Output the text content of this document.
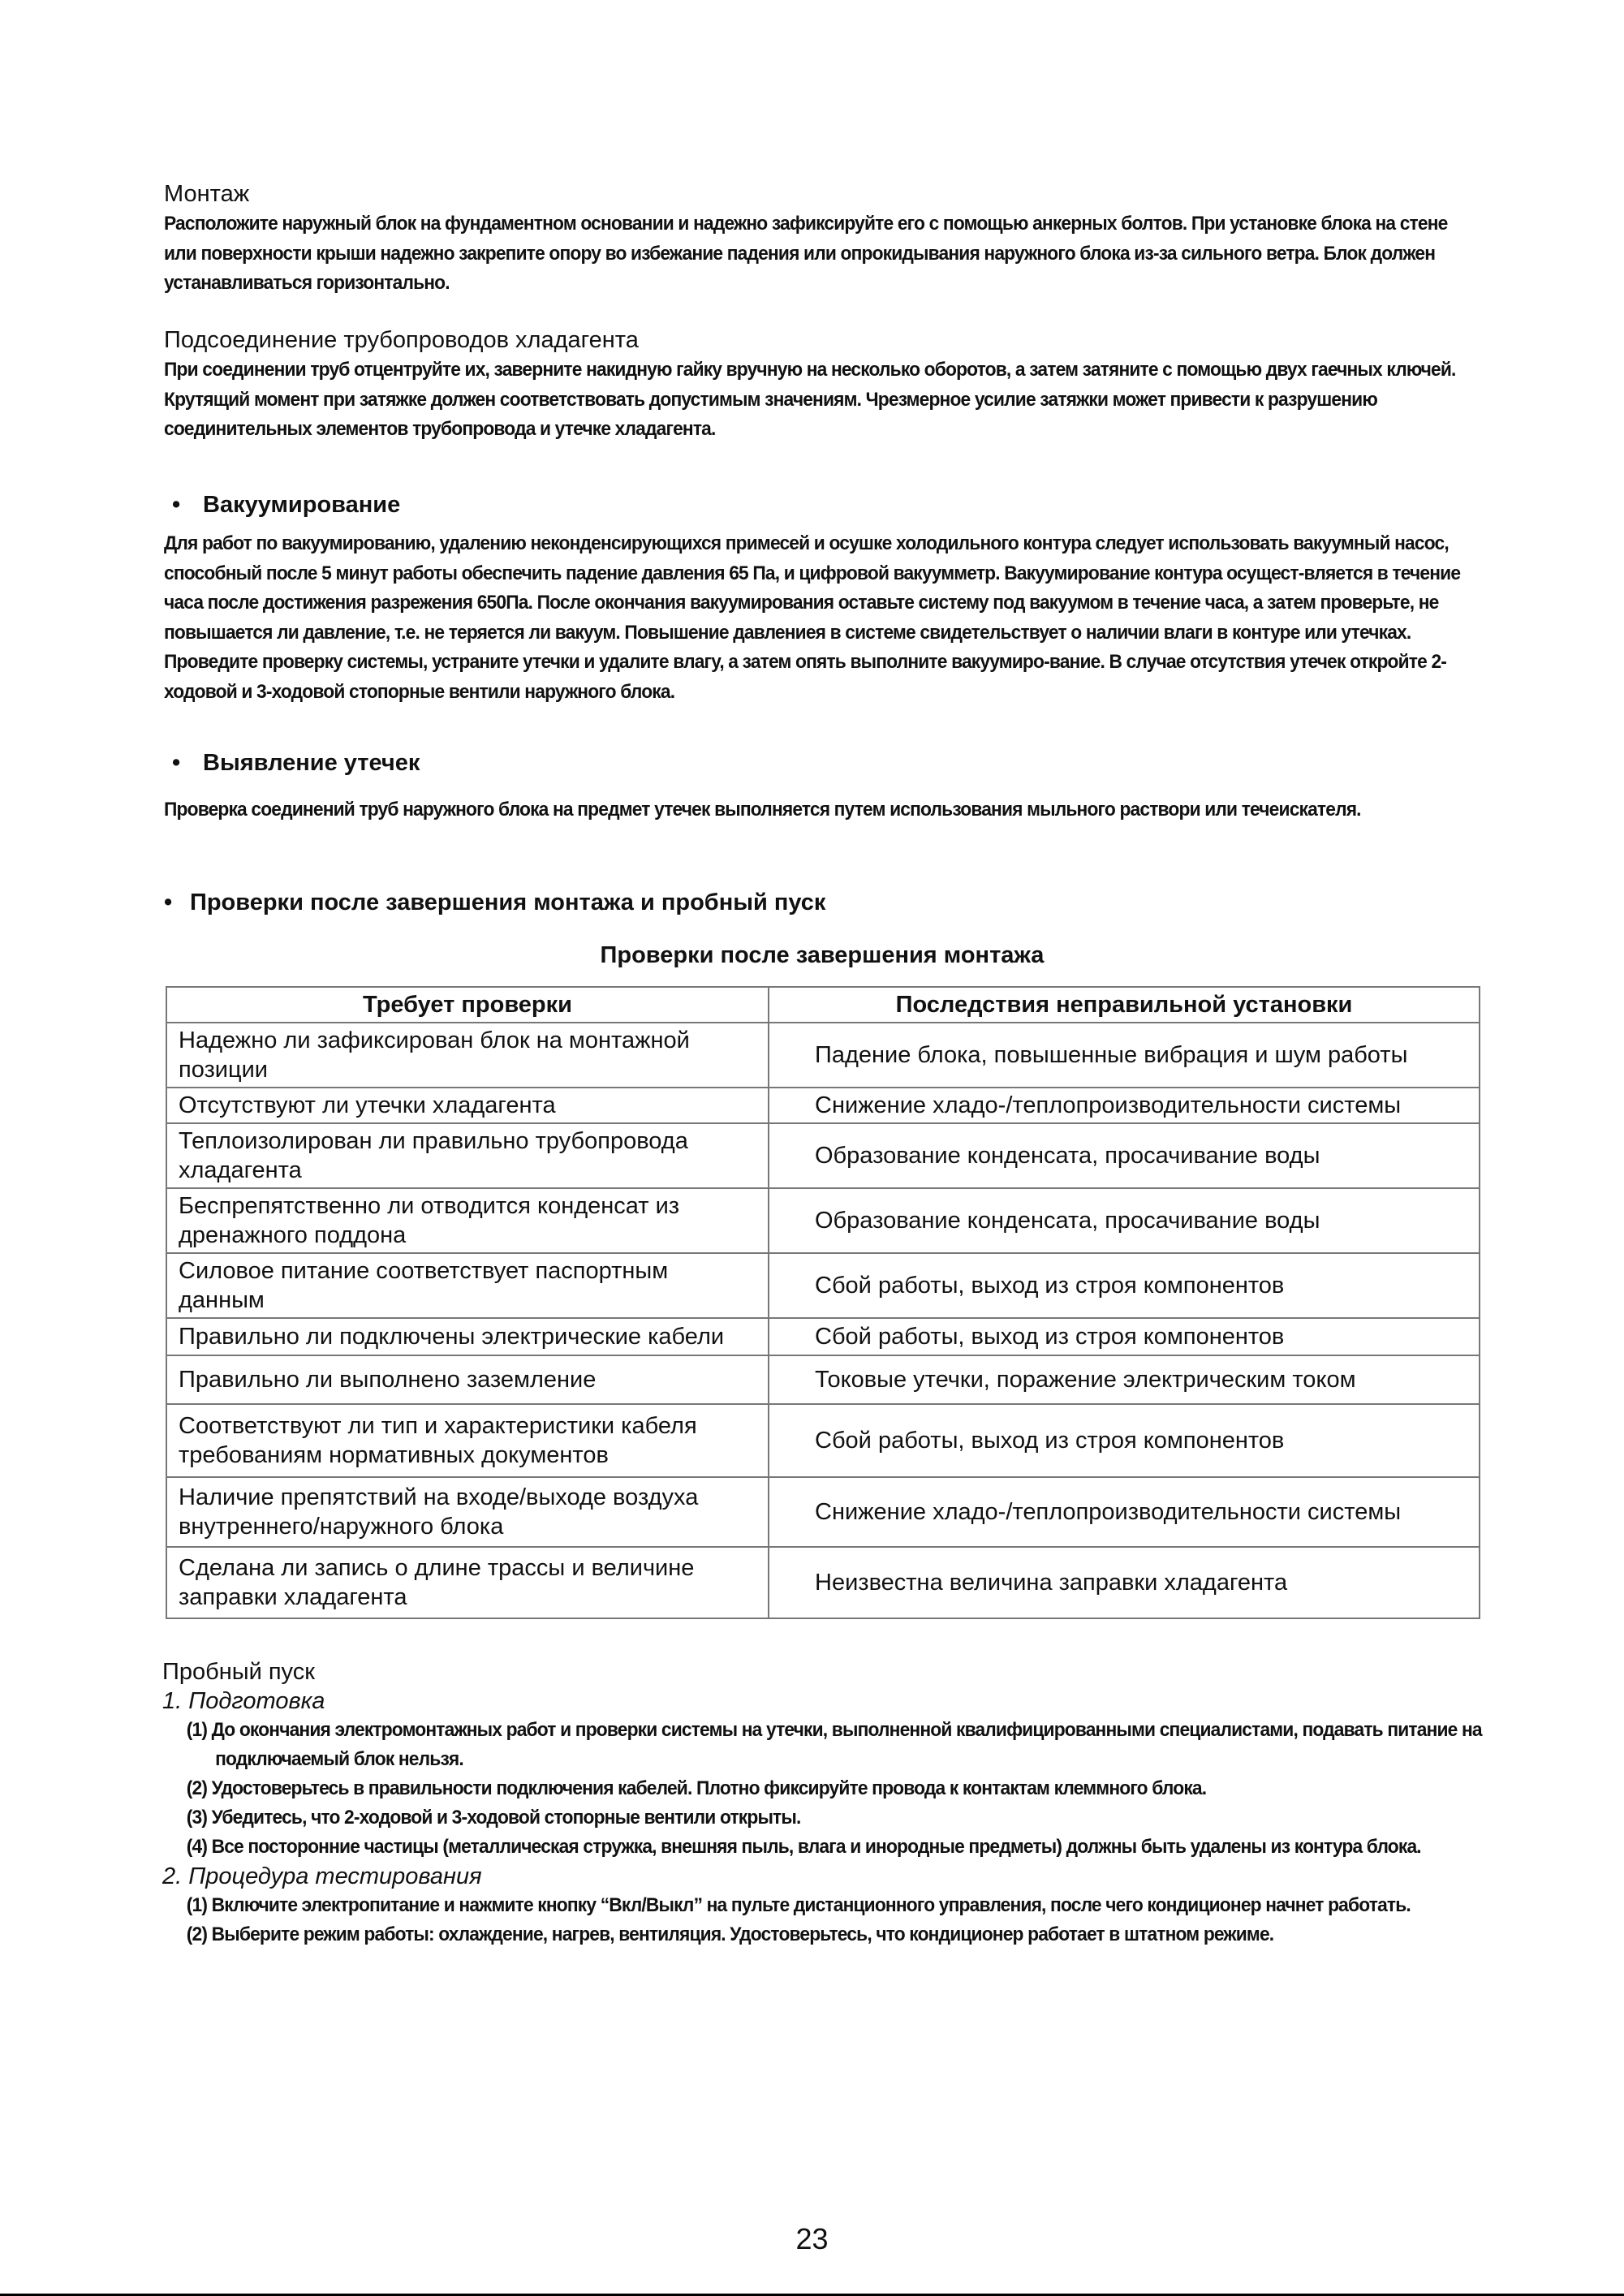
Монтаж

Расположите наружный блок на фундаментном основании и надежно зафиксируйте его с помощью анкерных болтов. При установке блока на стене или поверхности крыши надежно закрепите опору во избежание падения или опрокидывания наружного блока из-за сильного ветра. Блок должен устанавливаться горизонтально.

Подсоединение трубопроводов хладагента

При соединении труб отцентруйте их, заверните накидную гайку вручную на несколько оборотов, а затем затяните с помощью двух гаечных ключей. Крутящий момент при затяжке должен соответствовать допустимым значениям. Чрезмерное усилие затяжки может привести к разрушению соединительных элементов трубопровода и утечке хладагента.

• Вакуумирование

Для работ по вакуумированию, удалению неконденсирующихся примесей и осушке холодильного контура следует использовать вакуумный насос, способный после 5 минут работы обеспечить падение давления 65 Па, и цифровой вакуумметр. Вакуумирование контура осущест-вляется в течение часа после достижения разрежения 650Па. После окончания вакуумирования оставьте систему под вакуумом в течение часа, а затем проверьте, не повышается ли давление, т.е. не теряется ли вакуум. Повышение давлениея в системе свидетельствует о наличии влаги в контуре или утечках. Проведите проверку системы, устраните утечки и удалите влагу, а затем опять выполните вакуумиро-вание. В случае отсутствия утечек откройте 2-ходовой и 3-ходовой стопорные вентили наружного блока.

• Выявление утечек

Проверка соединений труб наружного блока на предмет утечек выполняется путем использования мыльного раствори или течеискателя.

• Проверки после завершения монтажа и пробный пуск
Проверки после завершения монтажа
Требует проверки	Последствия неправильной установки
Надежно ли зафиксирован блок на монтажной позиции	Падение блока, повышенные вибрация и шум работы
Отсутствуют ли утечки хладагента	Снижение хладо-/теплопроизводительности системы
Теплоизолирован ли правильно трубопровода хладагента	Образование конденсата, просачивание воды
Беспрепятственно ли отводится конденсат из дренажного поддона	Образование конденсата, просачивание воды
Силовое питание соответствует паспортным данным	Сбой работы, выход из строя компонентов
Правильно ли подключены электрические кабели	Сбой работы, выход из строя компонентов
Правильно ли выполнено заземление	Токовые утечки, поражение электрическим током
Соответствуют ли тип и характеристики кабеля требованиям нормативных документов	Сбой работы, выход из строя компонентов
Наличие препятствий на входе/выходе воздуха внутреннего/наружного блока	Снижение хладо-/теплопроизводительности системы
Сделана ли запись о длине трассы и величине заправки хладагента	Неизвестна величина заправки хладагента

Пробный пуск

1. Подготовка

(1) До окончания электромонтажных работ и проверки системы на утечки, выполненной квалифицированными специалистами, подавать питание на подключаемый блок нельзя.

(2) Удостоверьтесь в правильности подключения кабелей. Плотно фиксируйте провода к контактам клеммного блока.

(3) Убедитесь, что 2-ходовой и 3-ходовой стопорные вентили открыты.

(4) Все посторонние частицы (металлическая стружка, внешняя пыль, влага и инородные предметы) должны быть удалены из контура блока.

2. Процедура тестирования

(1) Включите электропитание и нажмите кнопку “Вкл/Выкл” на пульте дистанционного управления, после чего кондиционер начнет работать.

(2) Выберите режим работы: охлаждение, нагрев, вентиляция. Удостоверьтесь, что кондиционер работает в штатном режиме.

23
